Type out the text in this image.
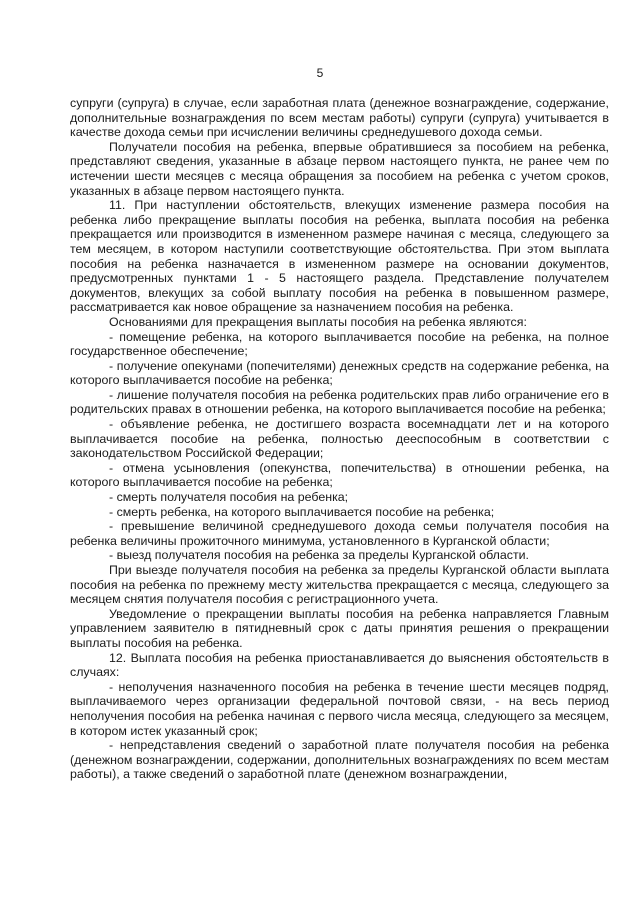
5

супруги (супруга) в случае, если заработная плата (денежное вознаграждение, содержание, дополнительные вознаграждения по всем местам работы) супруги (супруга) учитывается в качестве дохода семьи при исчислении величины среднедушевого дохода семьи.

Получатели пособия на ребенка, впервые обратившиеся за пособием на ребенка, представляют сведения, указанные в абзаце первом настоящего пункта, не ранее чем по истечении шести месяцев с месяца обращения за пособием на ребенка с учетом сроков, указанных в абзаце первом настоящего пункта.

11. При наступлении обстоятельств, влекущих изменение размера пособия на ребенка либо прекращение выплаты пособия на ребенка, выплата пособия на ребенка прекращается или производится в измененном размере начиная с месяца, следующего за тем месяцем, в котором наступили соответствующие обстоятельства. При этом выплата пособия на ребенка назначается в измененном размере на основании документов, предусмотренных пунктами 1 - 5 настоящего раздела. Представление получателем документов, влекущих за собой выплату пособия на ребенка в повышенном размере, рассматривается как новое обращение за назначением пособия на ребенка.

Основаниями для прекращения выплаты пособия на ребенка являются:

- помещение ребенка, на которого выплачивается пособие на ребенка, на полное государственное обеспечение;

- получение опекунами (попечителями) денежных средств на содержание ребенка, на которого выплачивается пособие на ребенка;

- лишение получателя пособия на ребенка родительских прав либо ограничение его в родительских правах в отношении ребенка, на которого выплачивается пособие на ребенка;

- объявление ребенка, не достигшего возраста восемнадцати лет и на которого выплачивается пособие на ребенка, полностью дееспособным в соответствии с законодательством Российской Федерации;

- отмена усыновления (опекунства, попечительства) в отношении ребенка, на которого выплачивается пособие на ребенка;

- смерть получателя пособия на ребенка;

- смерть ребенка, на которого выплачивается пособие на ребенка;

- превышение величиной среднедушевого дохода семьи получателя пособия на ребенка величины прожиточного минимума, установленного в Курганской области;

- выезд получателя пособия на ребенка за пределы Курганской области.

При выезде получателя пособия на ребенка за пределы Курганской области выплата пособия на ребенка по прежнему месту жительства прекращается с месяца, следующего за месяцем снятия получателя пособия с регистрационного учета.

Уведомление о прекращении выплаты пособия на ребенка направляется Главным управлением заявителю в пятидневный срок с даты принятия решения о прекращении выплаты пособия на ребенка.

12. Выплата пособия на ребенка приостанавливается до выяснения обстоятельств в случаях:

- неполучения назначенного пособия на ребенка в течение шести месяцев подряд, выплачиваемого через организации федеральной почтовой связи, - на весь период неполучения пособия на ребенка начиная с первого числа месяца, следующего за месяцем, в котором истек указанный срок;

- непредставления сведений о заработной плате получателя пособия на ребенка (денежном вознаграждении, содержании, дополнительных вознаграждениях по всем местам работы), а также сведений о заработной плате (денежном вознаграждении,
